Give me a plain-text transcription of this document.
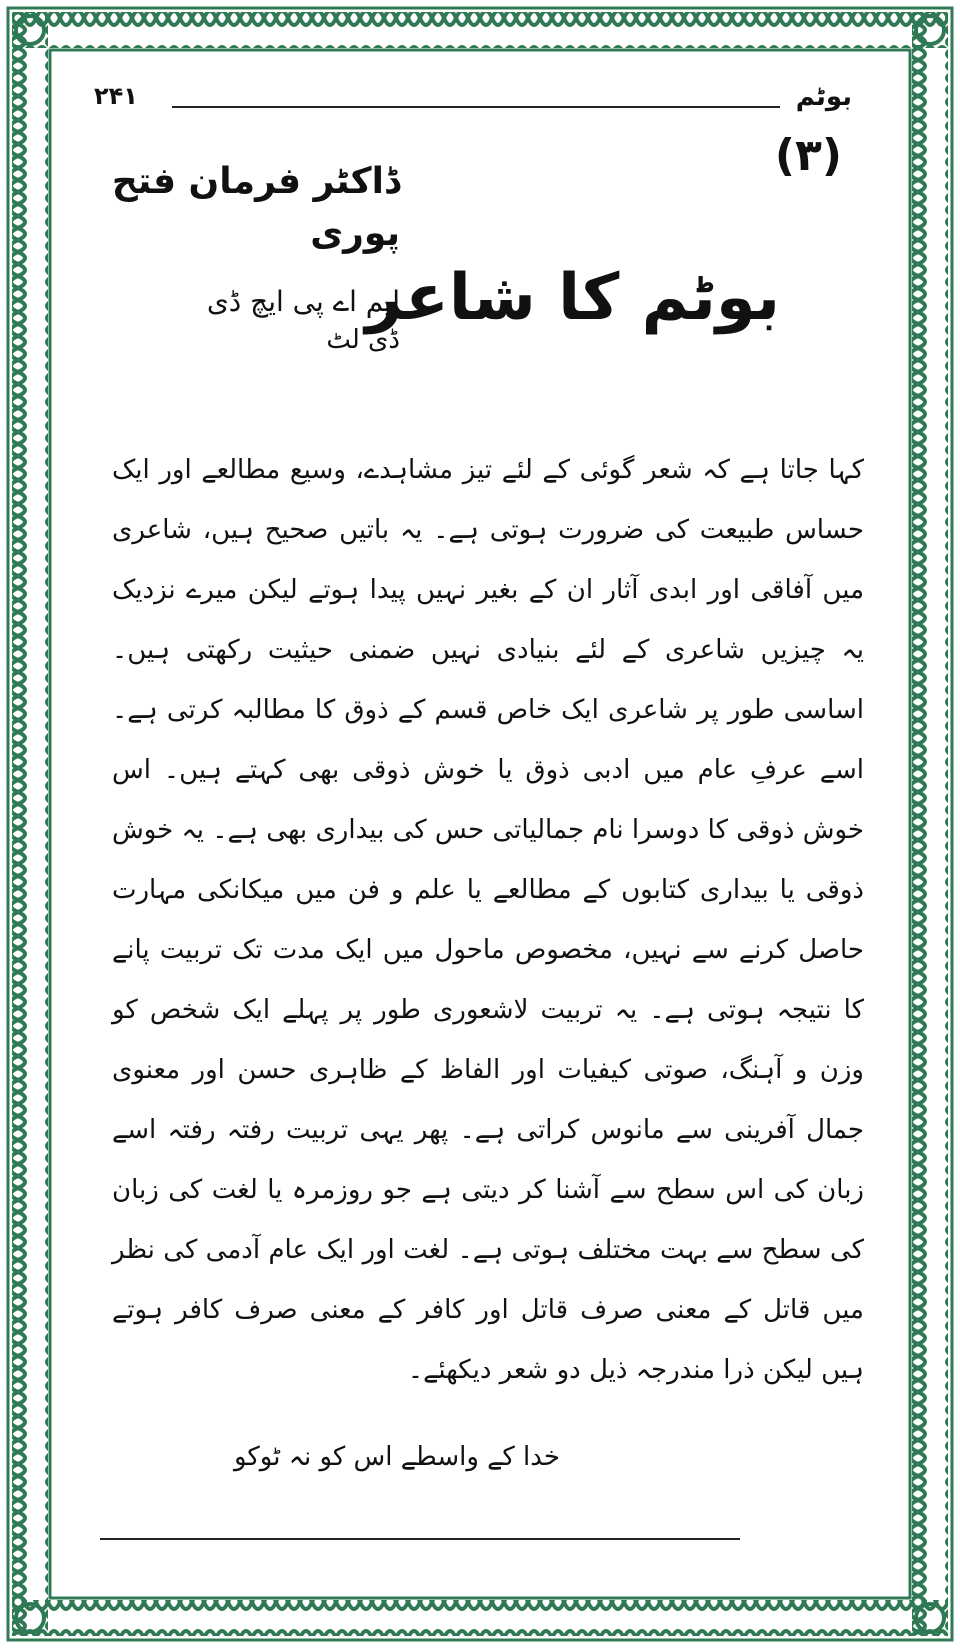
بوٹم
۲۴۱
(۳)
ڈاکٹر فرمان فتح پوری
ایم اے پی ایچ ڈی
ڈی لٹ
بوٹم کا شاعر

کہا جاتا ہے کہ شعر گوئی کے لئے تیز مشاہدے، وسیع مطالعے اور ایک حساس طبیعت کی ضرورت ہوتی ہے۔ یہ باتیں صحیح ہیں، شاعری میں آفاقی اور ابدی آثار ان کے بغیر نہیں پیدا ہوتے لیکن میرے نزدیک یہ چیزیں شاعری کے لئے بنیادی نہیں ضمنی حیثیت رکھتی ہیں۔ اساسی طور پر شاعری ایک خاص قسم کے ذوق کا مطالبہ کرتی ہے۔ اسے عرفِ عام میں ادبی ذوق یا خوش ذوقی بھی کہتے ہیں۔ اس خوش ذوقی کا دوسرا نام جمالیاتی حس کی بیداری بھی ہے۔ یہ خوش ذوقی یا بیداری کتابوں کے مطالعے یا علم و فن میں میکانکی مہارت حاصل کرنے سے نہیں، مخصوص ماحول میں ایک مدت تک تربیت پانے کا نتیجہ ہوتی ہے۔ یہ تربیت لاشعوری طور پر پہلے ایک شخص کو وزن و آہنگ، صوتی کیفیات اور الفاظ کے ظاہری حسن اور معنوی جمال آفرینی سے مانوس کراتی ہے۔ پھر یہی تربیت رفتہ رفتہ اسے زبان کی اس سطح سے آشنا کر دیتی ہے جو روزمرہ یا لغت کی زبان کی سطح سے بہت مختلف ہوتی ہے۔ لغت اور ایک عام آدمی کی نظر میں قاتل کے معنی صرف قاتل اور کافر کے معنی صرف کافر ہوتے ہیں لیکن ذرا مندرجہ ذیل دو شعر دیکھئے۔

خدا کے واسطے اس کو نہ ٹوکو
